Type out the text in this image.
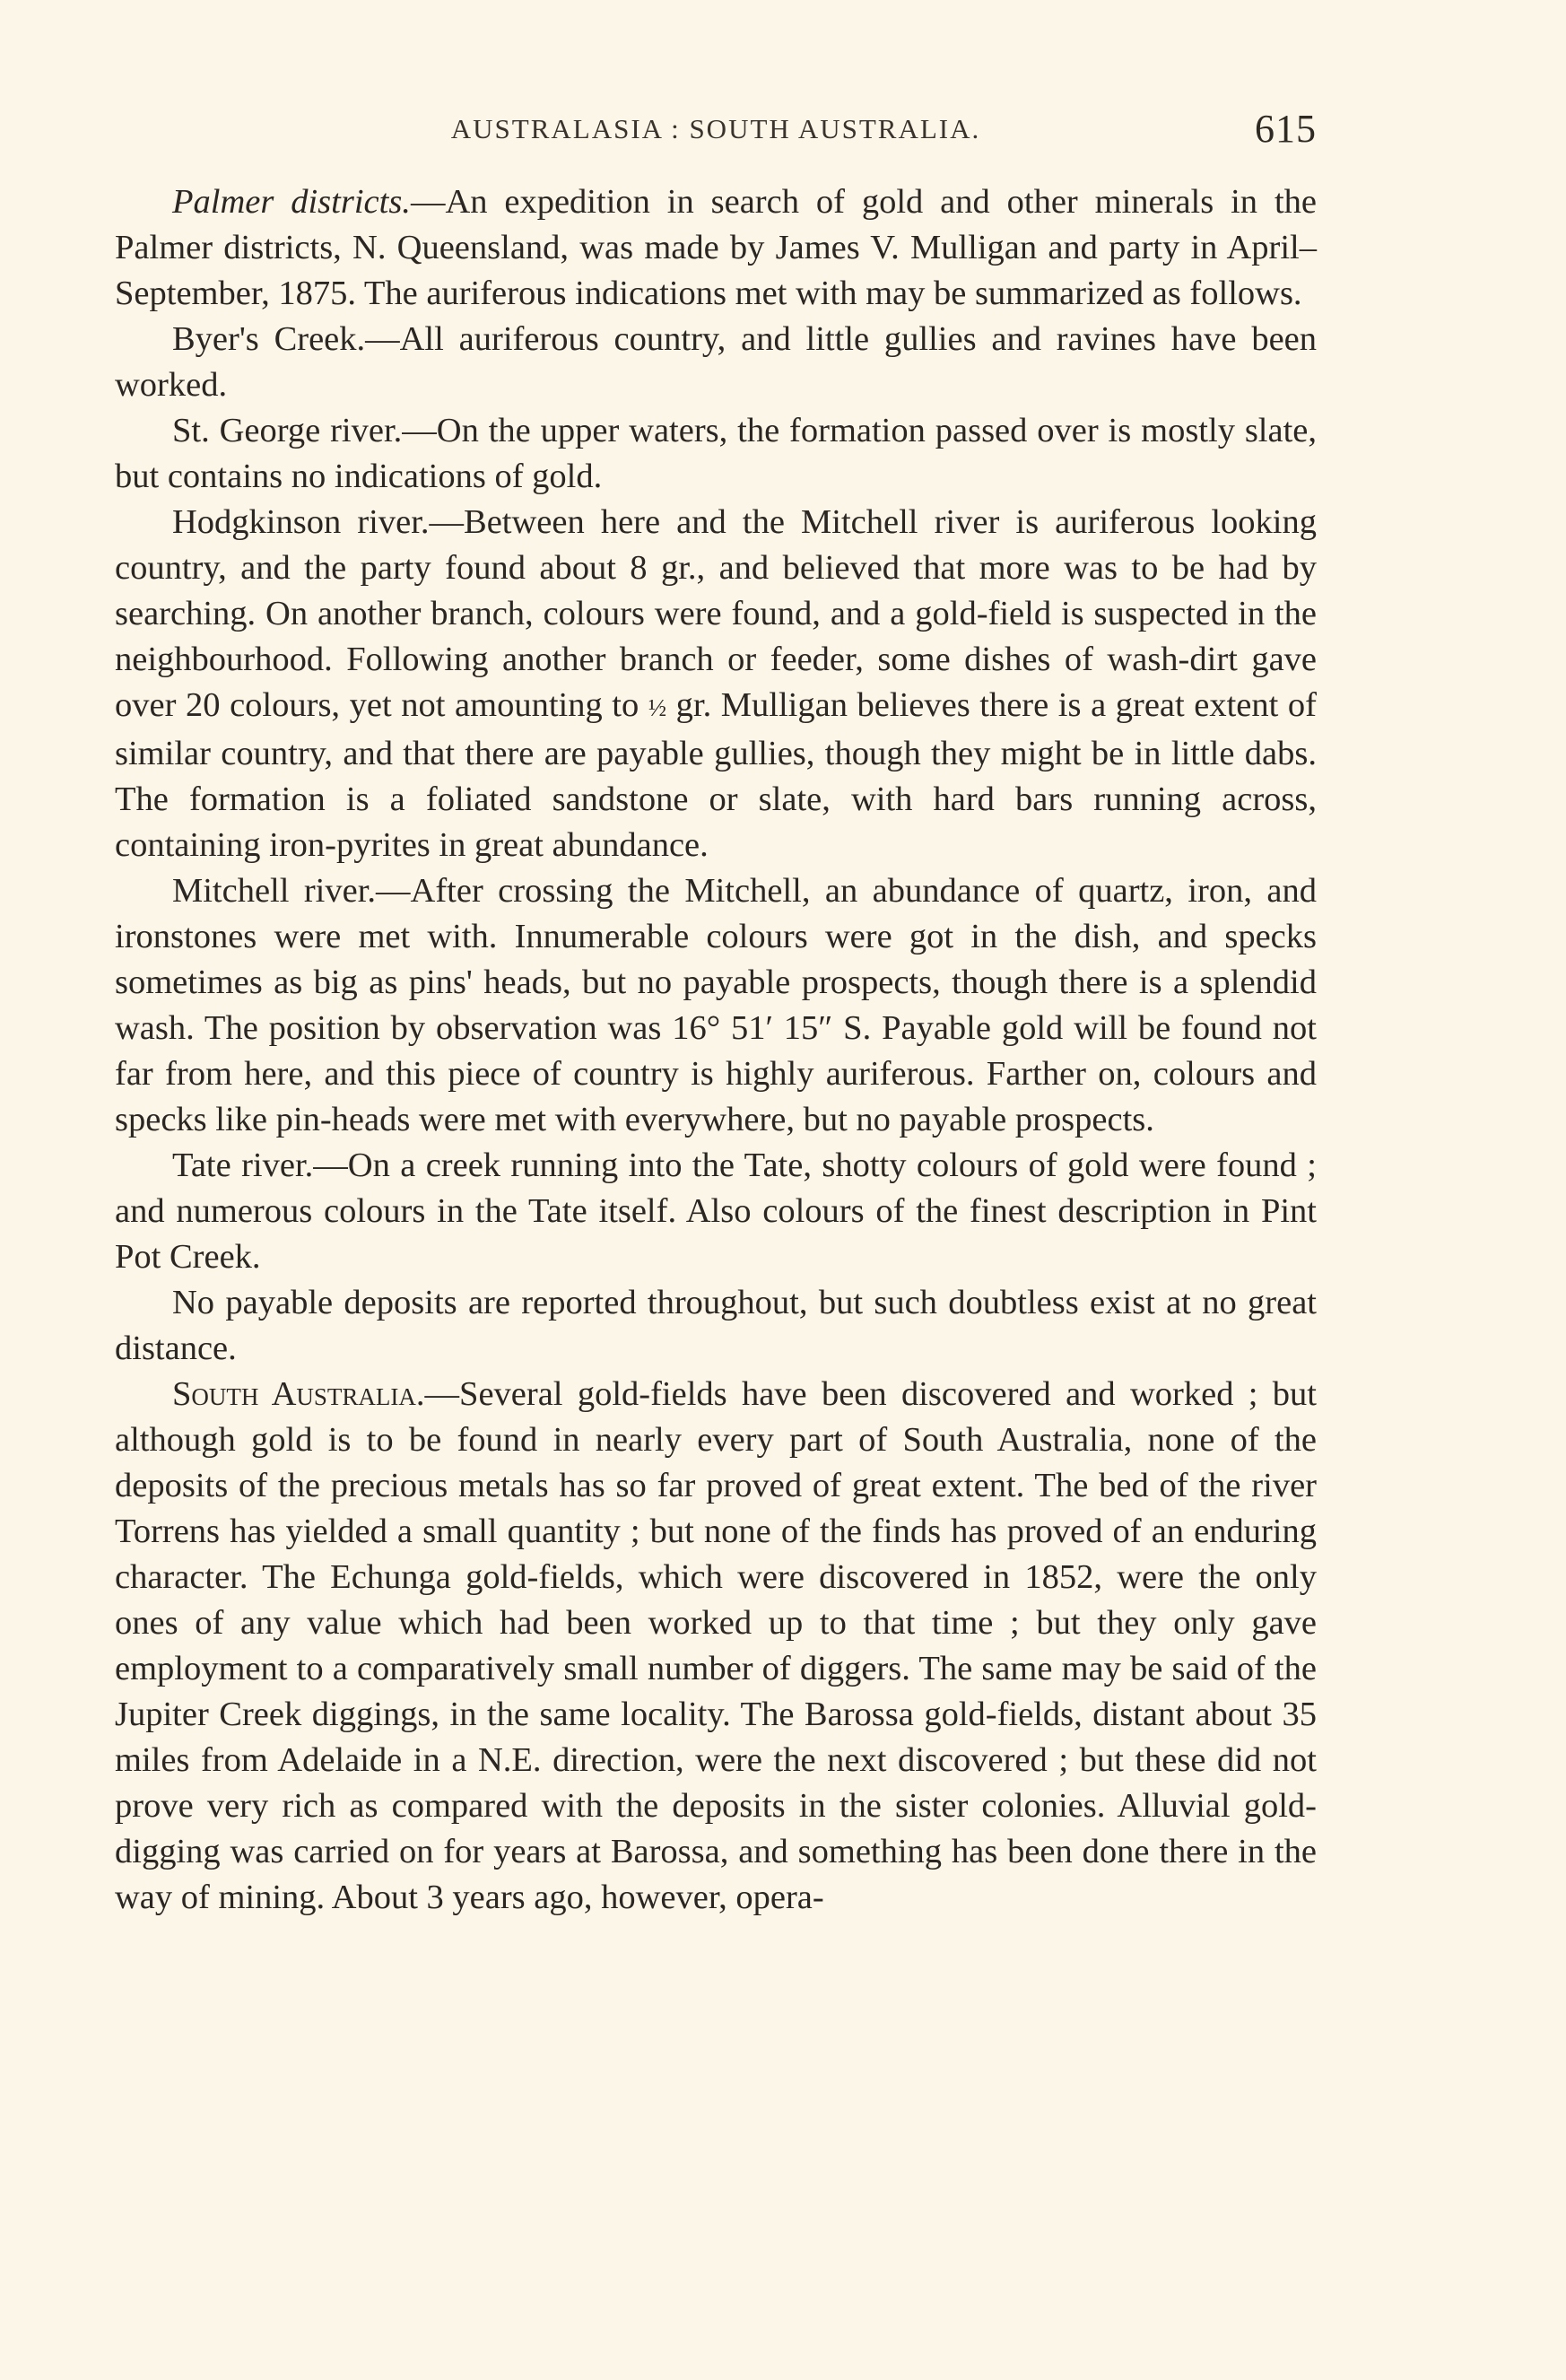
AUSTRALASIA : SOUTH AUSTRALIA.	615

Palmer districts.—An expedition in search of gold and other minerals in the Palmer districts, N. Queensland, was made by James V. Mulligan and party in April–September, 1875. The auriferous indications met with may be summarized as follows.

Byer's Creek.—All auriferous country, and little gullies and ravines have been worked.

St. George river.—On the upper waters, the formation passed over is mostly slate, but contains no indications of gold.

Hodgkinson river.—Between here and the Mitchell river is auriferous looking country, and the party found about 8 gr., and believed that more was to be had by searching. On another branch, colours were found, and a gold-field is suspected in the neighbourhood. Following another branch or feeder, some dishes of wash-dirt gave over 20 colours, yet not amounting to ½ gr. Mulligan believes there is a great extent of similar country, and that there are payable gullies, though they might be in little dabs. The formation is a foliated sandstone or slate, with hard bars running across, containing iron-pyrites in great abundance.

Mitchell river.—After crossing the Mitchell, an abundance of quartz, iron, and ironstones were met with. Innumerable colours were got in the dish, and specks sometimes as big as pins' heads, but no payable prospects, though there is a splendid wash. The position by observation was 16° 51′ 15″ S. Payable gold will be found not far from here, and this piece of country is highly auriferous. Farther on, colours and specks like pin-heads were met with everywhere, but no payable prospects.

Tate river.—On a creek running into the Tate, shotty colours of gold were found ; and numerous colours in the Tate itself. Also colours of the finest description in Pint Pot Creek.

No payable deposits are reported throughout, but such doubtless exist at no great distance.

South Australia.—Several gold-fields have been discovered and worked ; but although gold is to be found in nearly every part of South Australia, none of the deposits of the precious metals has so far proved of great extent. The bed of the river Torrens has yielded a small quantity ; but none of the finds has proved of an enduring character. The Echunga gold-fields, which were discovered in 1852, were the only ones of any value which had been worked up to that time ; but they only gave employment to a comparatively small number of diggers. The same may be said of the Jupiter Creek diggings, in the same locality. The Barossa gold-fields, distant about 35 miles from Adelaide in a N.E. direction, were the next discovered ; but these did not prove very rich as compared with the deposits in the sister colonies. Alluvial gold-digging was carried on for years at Barossa, and something has been done there in the way of mining. About 3 years ago, however, opera-
